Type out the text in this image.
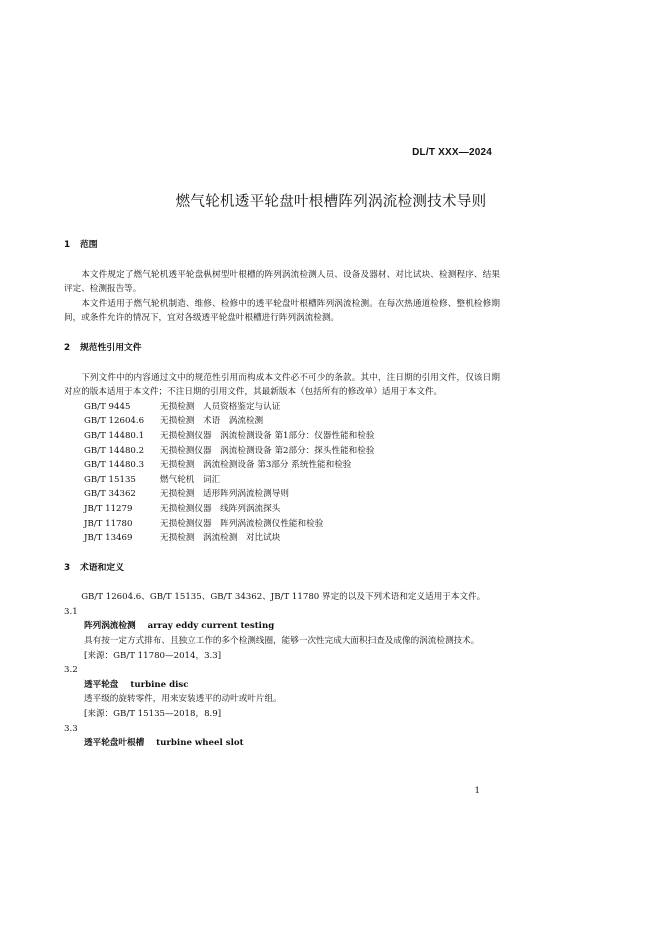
DL/T XXX—2024
燃气轮机透平轮盘叶根槽阵列涡流检测技术导则
1 范围
本文件规定了燃气轮机透平轮盘枞树型叶根槽的阵列涡流检测人员、设备及器材、对比试块、检测程序、结果评定、检测报告等。
本文件适用于燃气轮机制造、维修、检修中的透平轮盘叶根槽阵列涡流检测。在每次热通道检修、整机检修期间，或条件允许的情况下，宜对各级透平轮盘叶根槽进行阵列涡流检测。
2 规范性引用文件
下列文件中的内容通过文中的规范性引用而构成本文件必不可少的条款。其中，注日期的引用文件，仅该日期对应的版本适用于本文件；不注日期的引用文件，其最新版本（包括所有的修改单）适用于本文件。
GB/T 9445	无损检测　人员资格鉴定与认证
GB/T 12604.6	无损检测　术语　涡流检测
GB/T 14480.1	无损检测仪器　涡流检测设备 第1部分：仪器性能和检验
GB/T 14480.2	无损检测仪器　涡流检测设备 第2部分：探头性能和检验
GB/T 14480.3	无损检测　涡流检测设备 第3部分 系统性能和检验
GB/T 15135	燃气轮机　词汇
GB/T 34362	无损检测　适形阵列涡流检测导则
JB/T 11279	无损检测仪器　线阵列涡流探头
JB/T 11780	无损检测仪器　阵列涡流检测仪性能和检验
JB/T 13469	无损检测　涡流检测　对比试块
3 术语和定义
GB/T 12604.6、GB/T 15135、GB/T 34362、JB/T 11780 界定的以及下列术语和定义适用于本文件。
3.1
阵列涡流检测 array eddy current testing
具有按一定方式排布、且独立工作的多个检测线圈，能够一次性完成大面积扫查及成像的涡流检测技术。
[来源：GB/T 11780—2014，3.3]
3.2
透平轮盘 turbine disc
透平级的旋转零件，用来安装透平的动叶或叶片组。
[来源：GB/T 15135—2018，8.9]
3.3
透平轮盘叶根槽 turbine wheel slot
1
